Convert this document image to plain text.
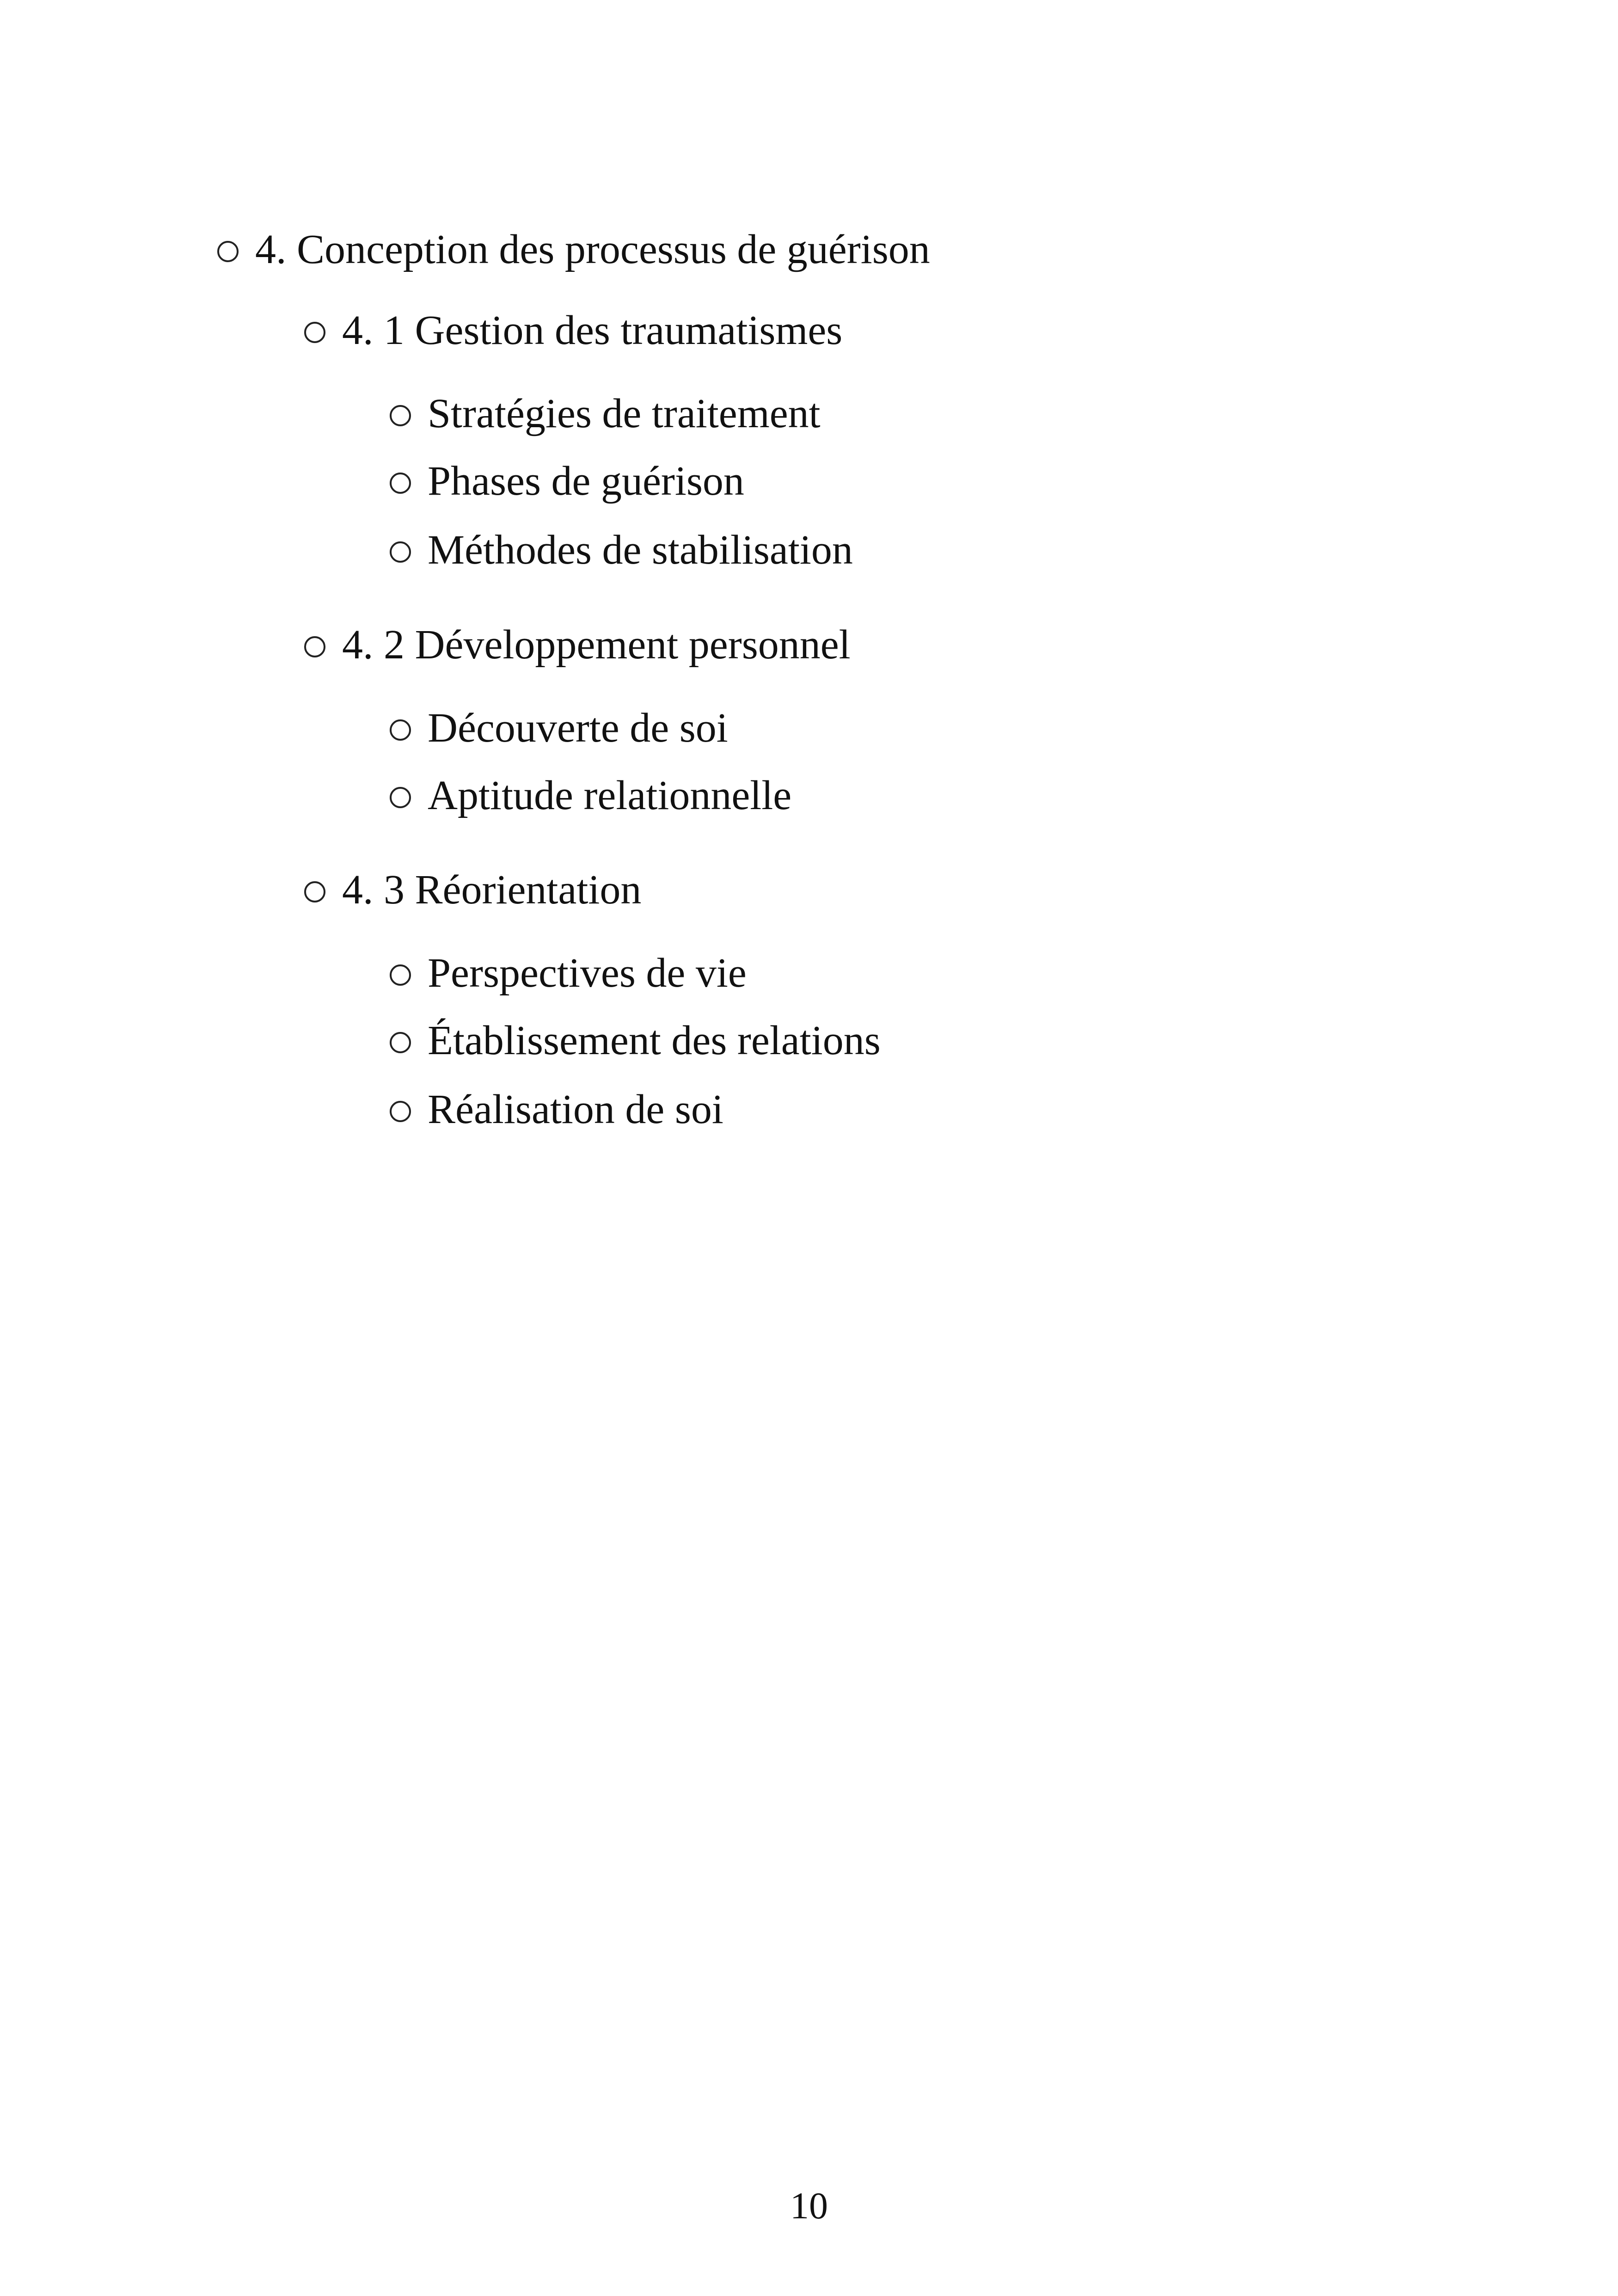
4. Conception des processus de guérison
4. 1 Gestion des traumatismes
Stratégies de traitement
Phases de guérison
Méthodes de stabilisation
4. 2 Développement personnel
Découverte de soi
Aptitude relationnelle
4. 3 Réorientation
Perspectives de vie
Établissement des relations
Réalisation de soi
10
